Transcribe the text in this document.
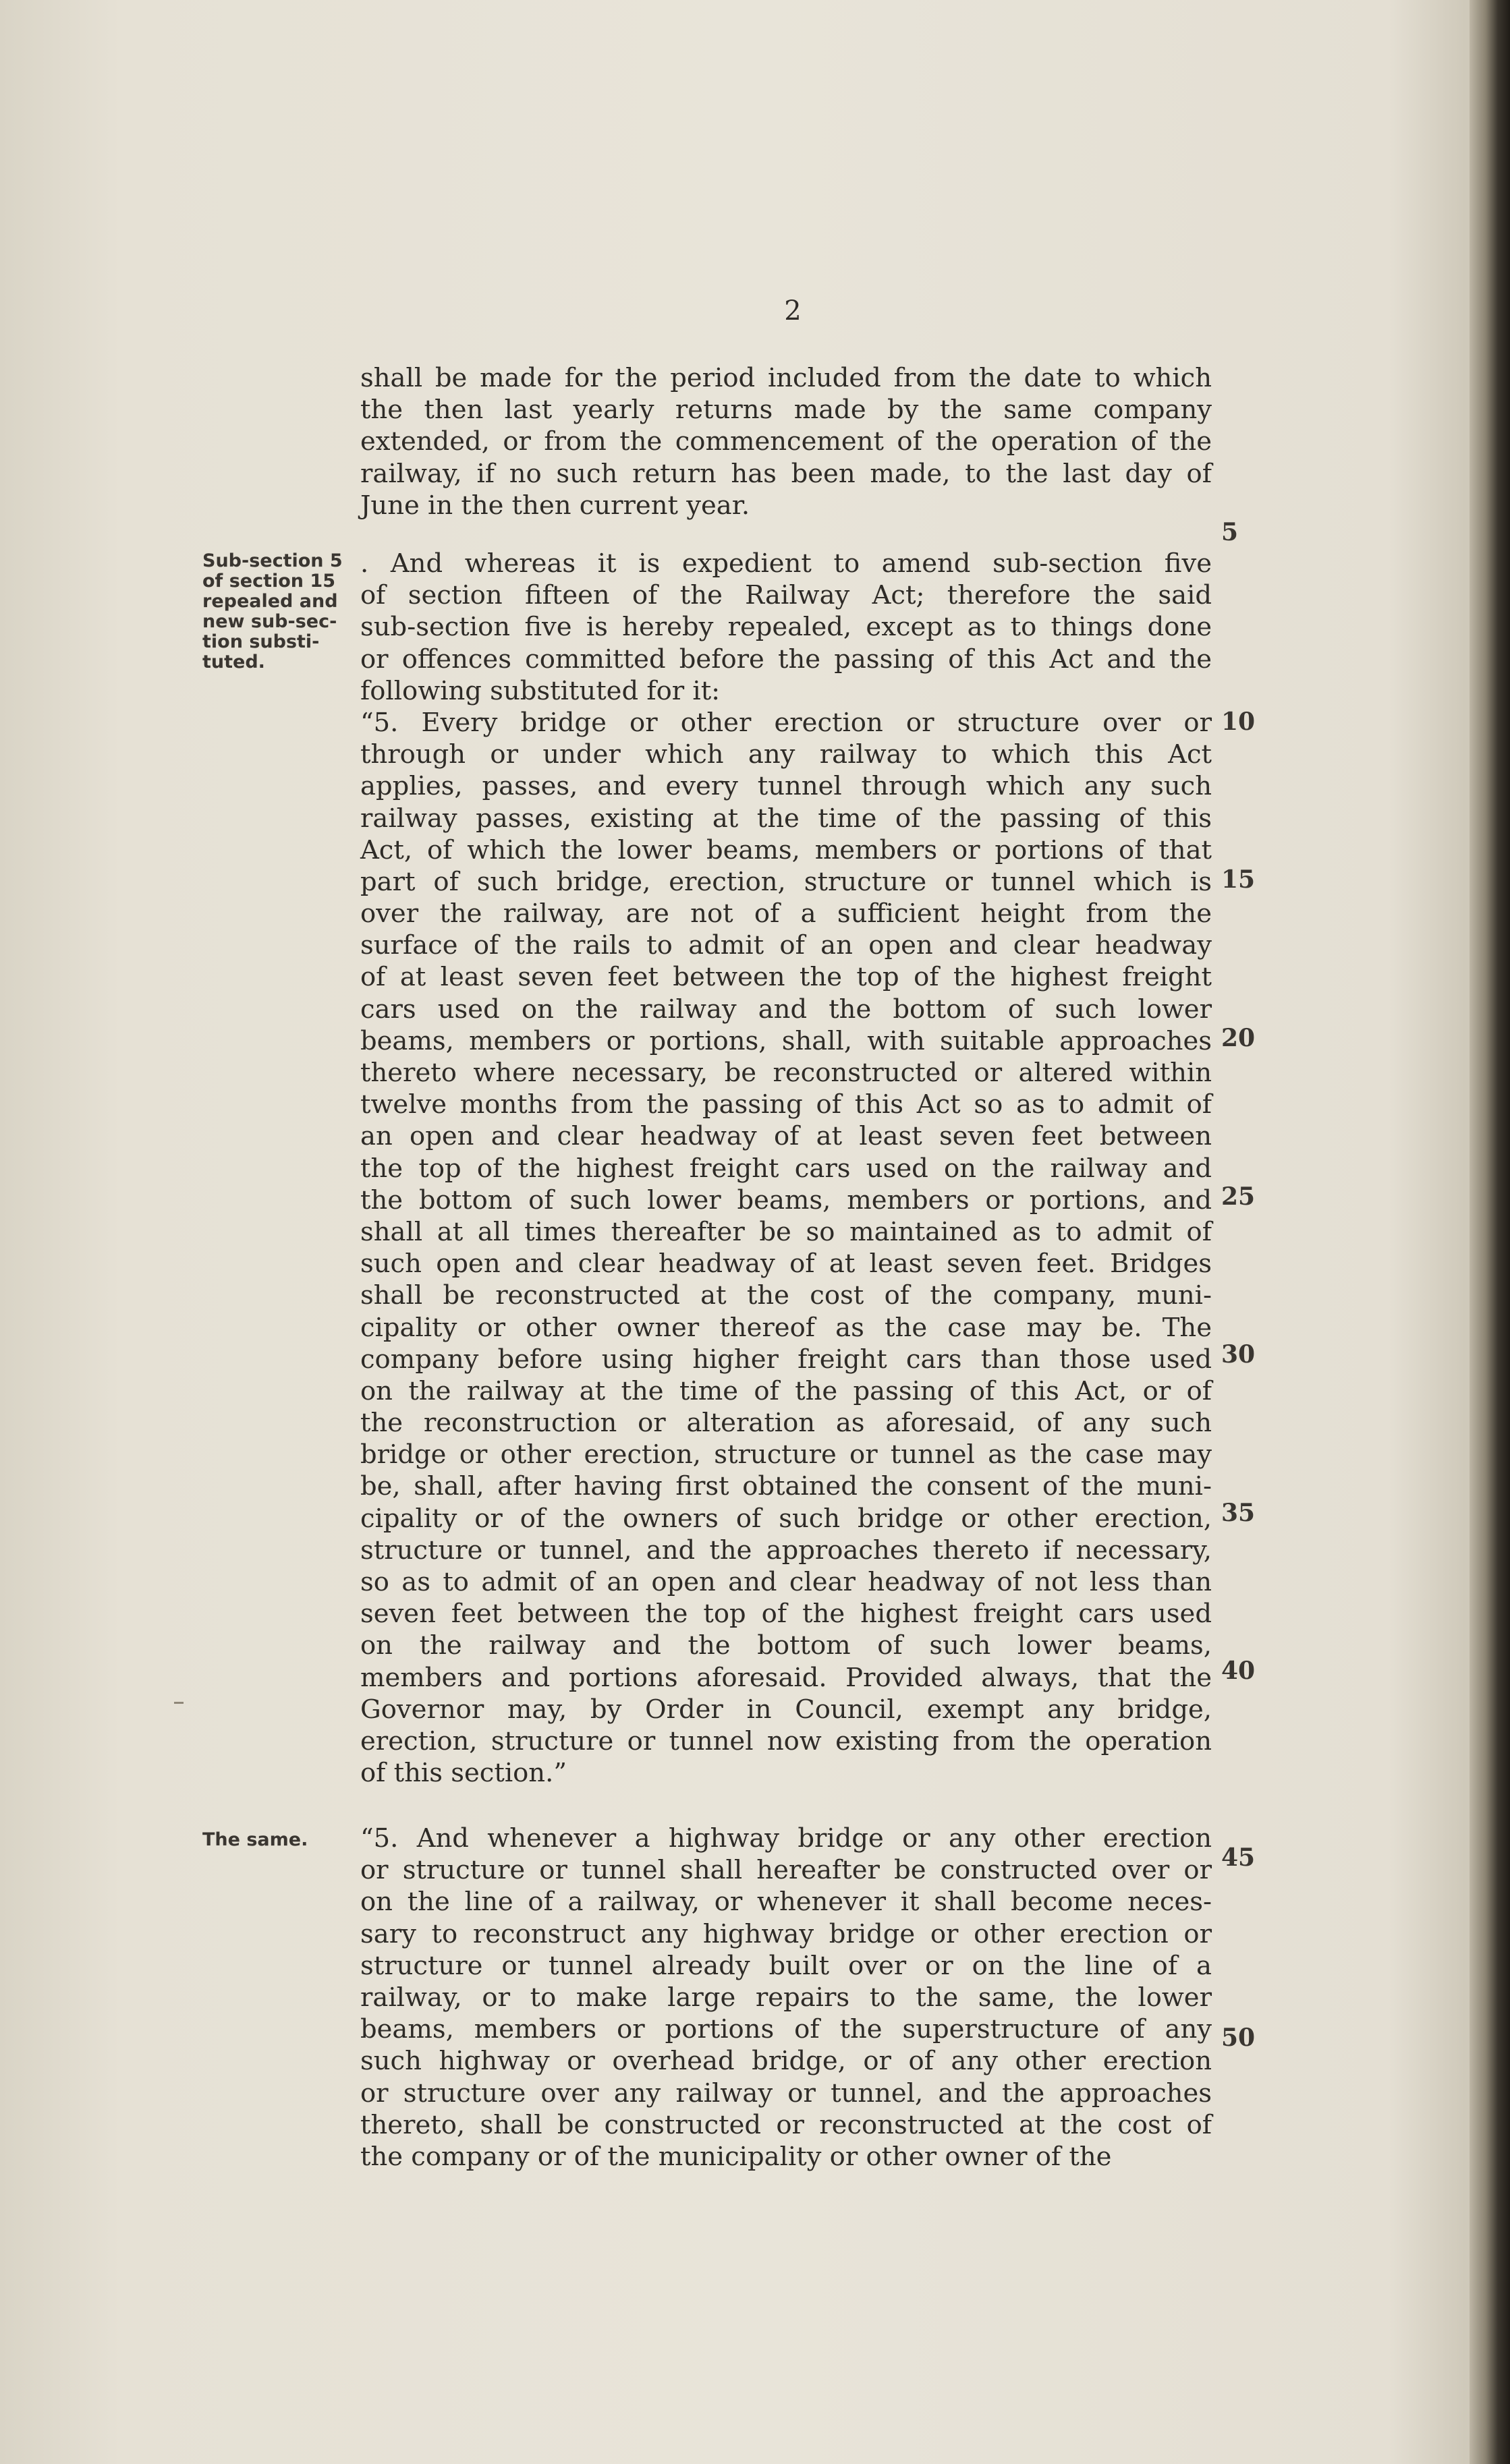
2
shall be made for the period included from the date to which
the then last yearly returns made by the same company
extended, or from the commencement of the operation of the
railway, if no such return has been made, to the last day of
June in the then current year.
Sub-section 5
of section 15
repealed and
new sub-sec-
tion substi-
tuted.
. And whereas it is expedient to amend sub-section five
of section fifteen of the Railway Act; therefore the said
sub-section five is hereby repealed, except as to things done
or offences committed before the passing of this Act and the
following substituted for it:
“5. Every bridge or other erection or structure over or
through or under which any railway to which this Act
applies, passes, and every tunnel through which any such
railway passes, existing at the time of the passing of this
Act, of which the lower beams, members or portions of that
part of such bridge, erection, structure or tunnel which is
over the railway, are not of a sufficient height from the
surface of the rails to admit of an open and clear headway
of at least seven feet between the top of the highest freight
cars used on the railway and the bottom of such lower
beams, members or portions, shall, with suitable approaches
thereto where necessary, be reconstructed or altered within
twelve months from the passing of this Act so as to admit of
an open and clear headway of at least seven feet between
the top of the highest freight cars used on the railway and
the bottom of such lower beams, members or portions, and
shall at all times thereafter be so maintained as to admit of
such open and clear headway of at least seven feet. Bridges
shall be reconstructed at the cost of the company, muni-
cipality or other owner thereof as the case may be. The
company before using higher freight cars than those used
on the railway at the time of the passing of this Act, or of
the reconstruction or alteration as aforesaid, of any such
bridge or other erection, structure or tunnel as the case may
be, shall, after having first obtained the consent of the muni-
cipality or of the owners of such bridge or other erection,
structure or tunnel, and the approaches thereto if necessary,
so as to admit of an open and clear headway of not less than
seven feet between the top of the highest freight cars used
on the railway and the bottom of such lower beams,
members and portions aforesaid. Provided always, that the
Governor may, by Order in Council, exempt any bridge,
erection, structure or tunnel now existing from the operation
of this section.”
The same.	“5. And whenever a highway bridge or any other erection
or structure or tunnel shall hereafter be constructed over or
on the line of a railway, or whenever it shall become neces-
sary to reconstruct any highway bridge or other erection or
structure or tunnel already built over or on the line of a
railway, or to make large repairs to the same, the lower
beams, members or portions of the superstructure of any
such highway or overhead bridge, or of any other erection
or structure over any railway or tunnel, and the approaches
thereto, shall be constructed or reconstructed at the cost of
the company or of the municipality or other owner of the
5
10
15
20
25
30
35
40
45
50
